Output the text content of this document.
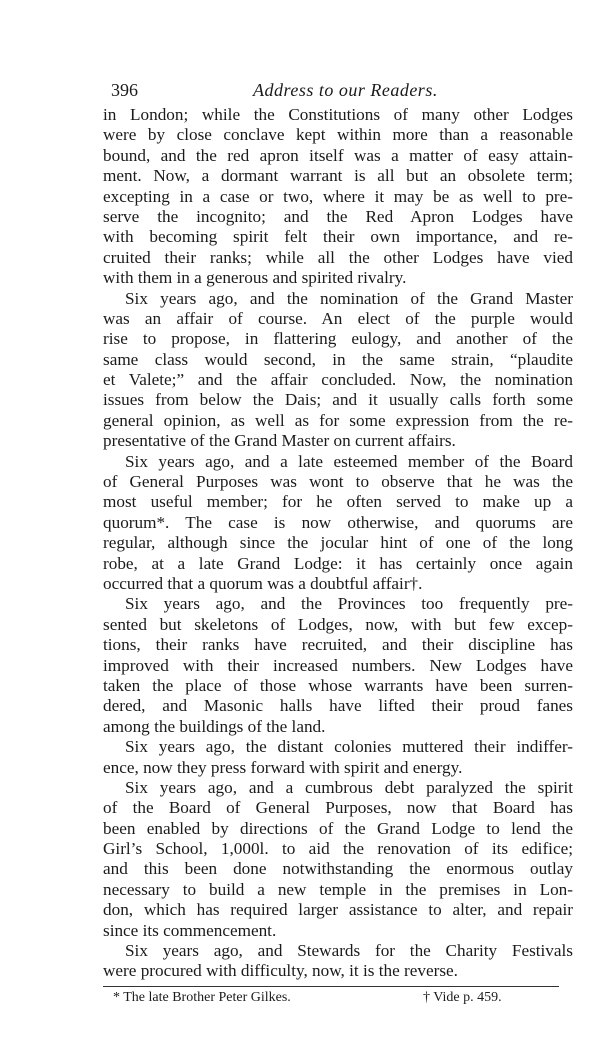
396	Address to our Readers.
in London; while the Constitutions of many other Lodges
were by close conclave kept within more than a reasonable
bound, and the red apron itself was a matter of easy attain-
ment. Now, a dormant warrant is all but an obsolete term;
excepting in a case or two, where it may be as well to pre-
serve the incognito; and the Red Apron Lodges have
with becoming spirit felt their own importance, and re-
cruited their ranks; while all the other Lodges have vied
with them in a generous and spirited rivalry.
Six years ago, and the nomination of the Grand Master
was an affair of course. An elect of the purple would
rise to propose, in flattering eulogy, and another of the
same class would second, in the same strain, “plaudite
et Valete;” and the affair concluded. Now, the nomination
issues from below the Dais; and it usually calls forth some
general opinion, as well as for some expression from the re-
presentative of the Grand Master on current affairs.
Six years ago, and a late esteemed member of the Board
of General Purposes was wont to observe that he was the
most useful member; for he often served to make up a
quorum*. The case is now otherwise, and quorums are
regular, although since the jocular hint of one of the long
robe, at a late Grand Lodge: it has certainly once again
occurred that a quorum was a doubtful affair†.
Six years ago, and the Provinces too frequently pre-
sented but skeletons of Lodges, now, with but few excep-
tions, their ranks have recruited, and their discipline has
improved with their increased numbers. New Lodges have
taken the place of those whose warrants have been surren-
dered, and Masonic halls have lifted their proud fanes
among the buildings of the land.
Six years ago, the distant colonies muttered their indiffer-
ence, now they press forward with spirit and energy.
Six years ago, and a cumbrous debt paralyzed the spirit
of the Board of General Purposes, now that Board has
been enabled by directions of the Grand Lodge to lend the
Girl’s School, 1,000l. to aid the renovation of its edifice;
and this been done notwithstanding the enormous outlay
necessary to build a new temple in the premises in Lon-
don, which has required larger assistance to alter, and repair
since its commencement.
Six years ago, and Stewards for the Charity Festivals
were procured with difficulty, now, it is the reverse.
* The late Brother Peter Gilkes.	† Vide p. 459.
